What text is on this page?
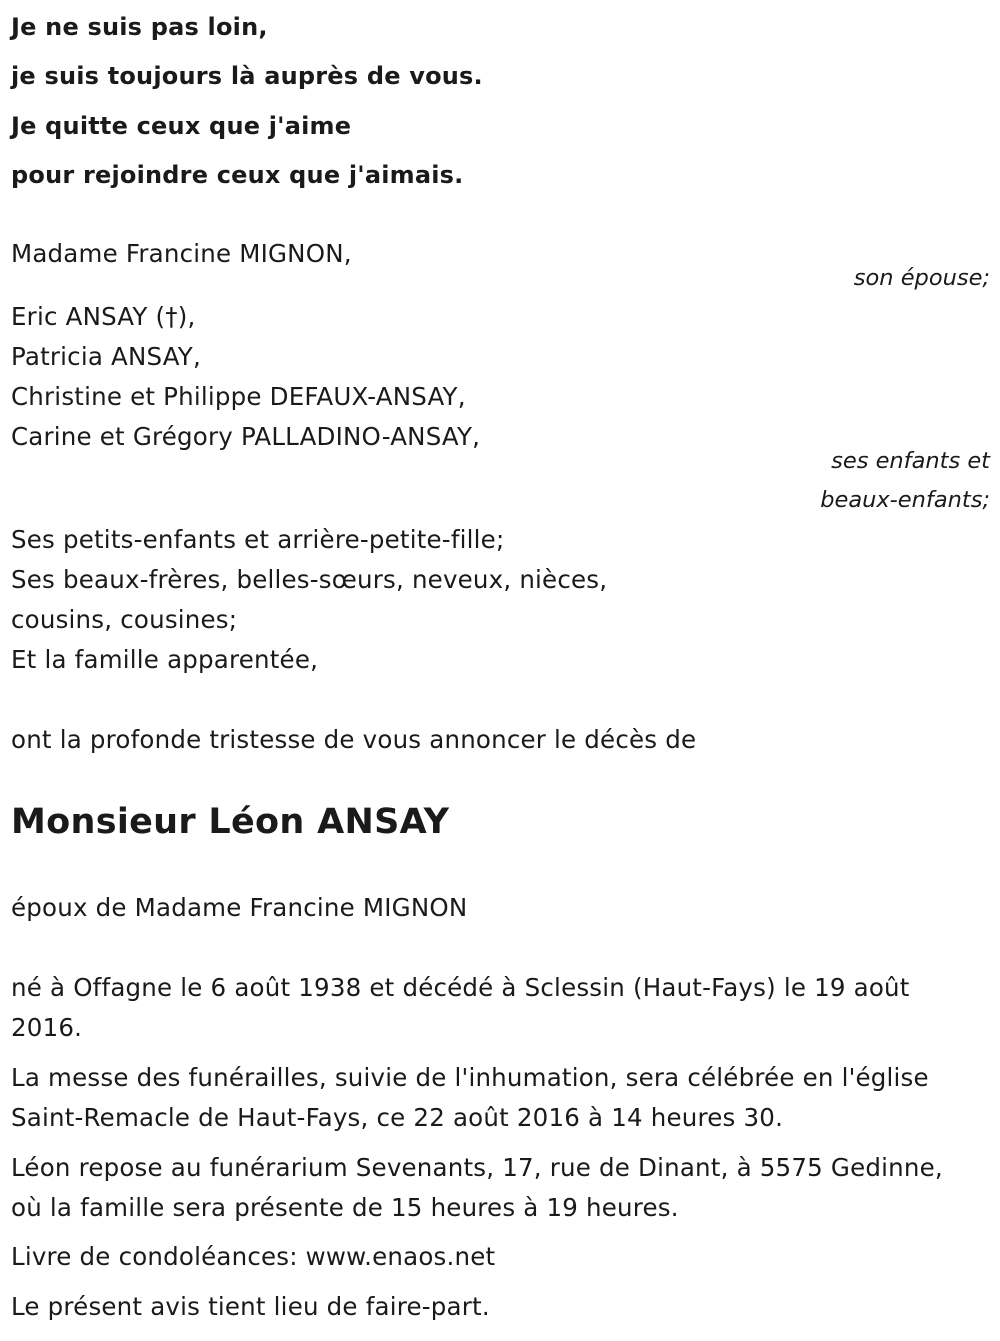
Je ne suis pas loin,
je suis toujours là auprès de vous.
Je quitte ceux que j'aime
pour rejoindre ceux que j'aimais.
Madame Francine MIGNON,
son épouse;
Eric ANSAY (†),
Patricia ANSAY,
Christine et Philippe DEFAUX-ANSAY,
Carine et Grégory PALLADINO-ANSAY,
ses enfants et
beaux-enfants;
Ses petits-enfants et arrière-petite-fille;
Ses beaux-frères, belles-sœurs, neveux, nièces,
cousins, cousines;
Et la famille apparentée,
ont la profonde tristesse de vous annoncer le décès de
Monsieur Léon ANSAY
époux de Madame Francine MIGNON
né à Offagne le 6 août 1938 et décédé à Sclessin (Haut-Fays) le 19 août
2016.
La messe des funérailles, suivie de l'inhumation, sera célébrée en l'église
Saint-Remacle de Haut-Fays, ce 22 août 2016 à 14 heures 30.
Léon repose au funérarium Sevenants, 17, rue de Dinant, à 5575 Gedinne,
où la famille sera présente de 15 heures à 19 heures.
Livre de condoléances: www.enaos.net
Le présent avis tient lieu de faire-part.
